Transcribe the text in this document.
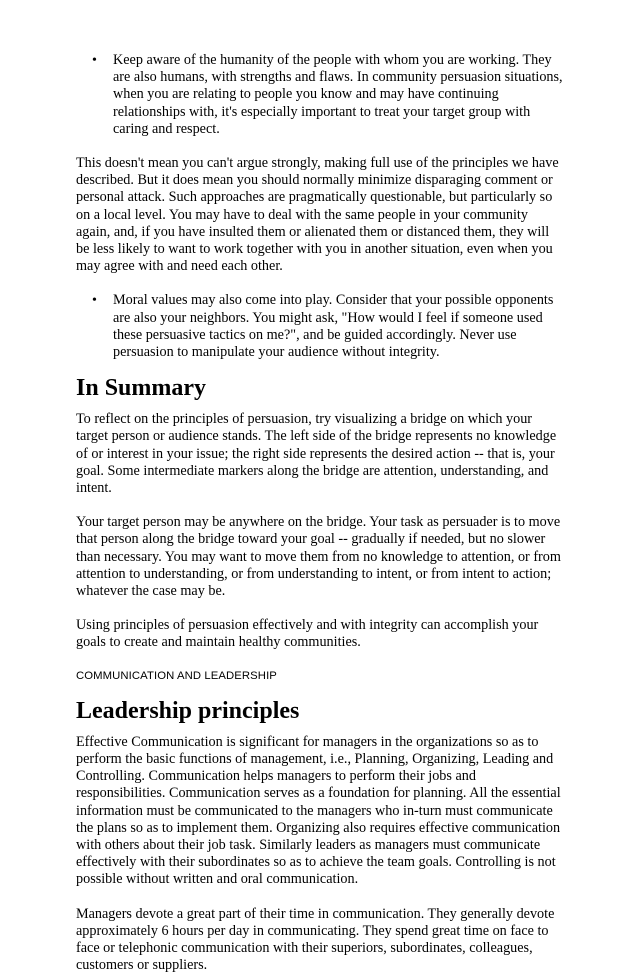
• Keep aware of the humanity of the people with whom you are working. They are also humans, with strengths and flaws. In community persuasion situations, when you are relating to people you know and may have continuing relationships with, it's especially important to treat your target group with caring and respect.

This doesn't mean you can't argue strongly, making full use of the principles we have described. But it does mean you should normally minimize disparaging comment or personal attack. Such approaches are pragmatically questionable, but particularly so on a local level. You may have to deal with the same people in your community again, and, if you have insulted them or alienated them or distanced them, they will be less likely to want to work together with you in another situation, even when you may agree with and need each other.

• Moral values may also come into play. Consider that your possible opponents are also your neighbors. You might ask, "How would I feel if someone used these persuasive tactics on me?", and be guided accordingly. Never use persuasion to manipulate your audience without integrity.
In Summary

To reflect on the principles of persuasion, try visualizing a bridge on which your target person or audience stands. The left side of the bridge represents no knowledge of or interest in your issue; the right side represents the desired action -- that is, your goal. Some intermediate markers along the bridge are attention, understanding, and intent.

Your target person may be anywhere on the bridge. Your task as persuader is to move that person along the bridge toward your goal -- gradually if needed, but no slower than necessary. You may want to move them from no knowledge to attention, or from attention to understanding, or from understanding to intent, or from intent to action; whatever the case may be.

Using principles of persuasion effectively and with integrity can accomplish your goals to create and maintain healthy communities.

COMMUNICATION AND LEADERSHIP
Leadership principles

Effective Communication is significant for managers in the organizations so as to perform the basic functions of management, i.e., Planning, Organizing, Leading and Controlling. Communication helps managers to perform their jobs and responsibilities. Communication serves as a foundation for planning. All the essential information must be communicated to the managers who in-turn must communicate the plans so as to implement them. Organizing also requires effective communication with others about their job task. Similarly leaders as managers must communicate effectively with their subordinates so as to achieve the team goals. Controlling is not possible without written and oral communication.

Managers devote a great part of their time in communication. They generally devote approximately 6 hours per day in communicating. They spend great time on face to face or telephonic communication with their superiors, subordinates, colleagues, customers or suppliers.
